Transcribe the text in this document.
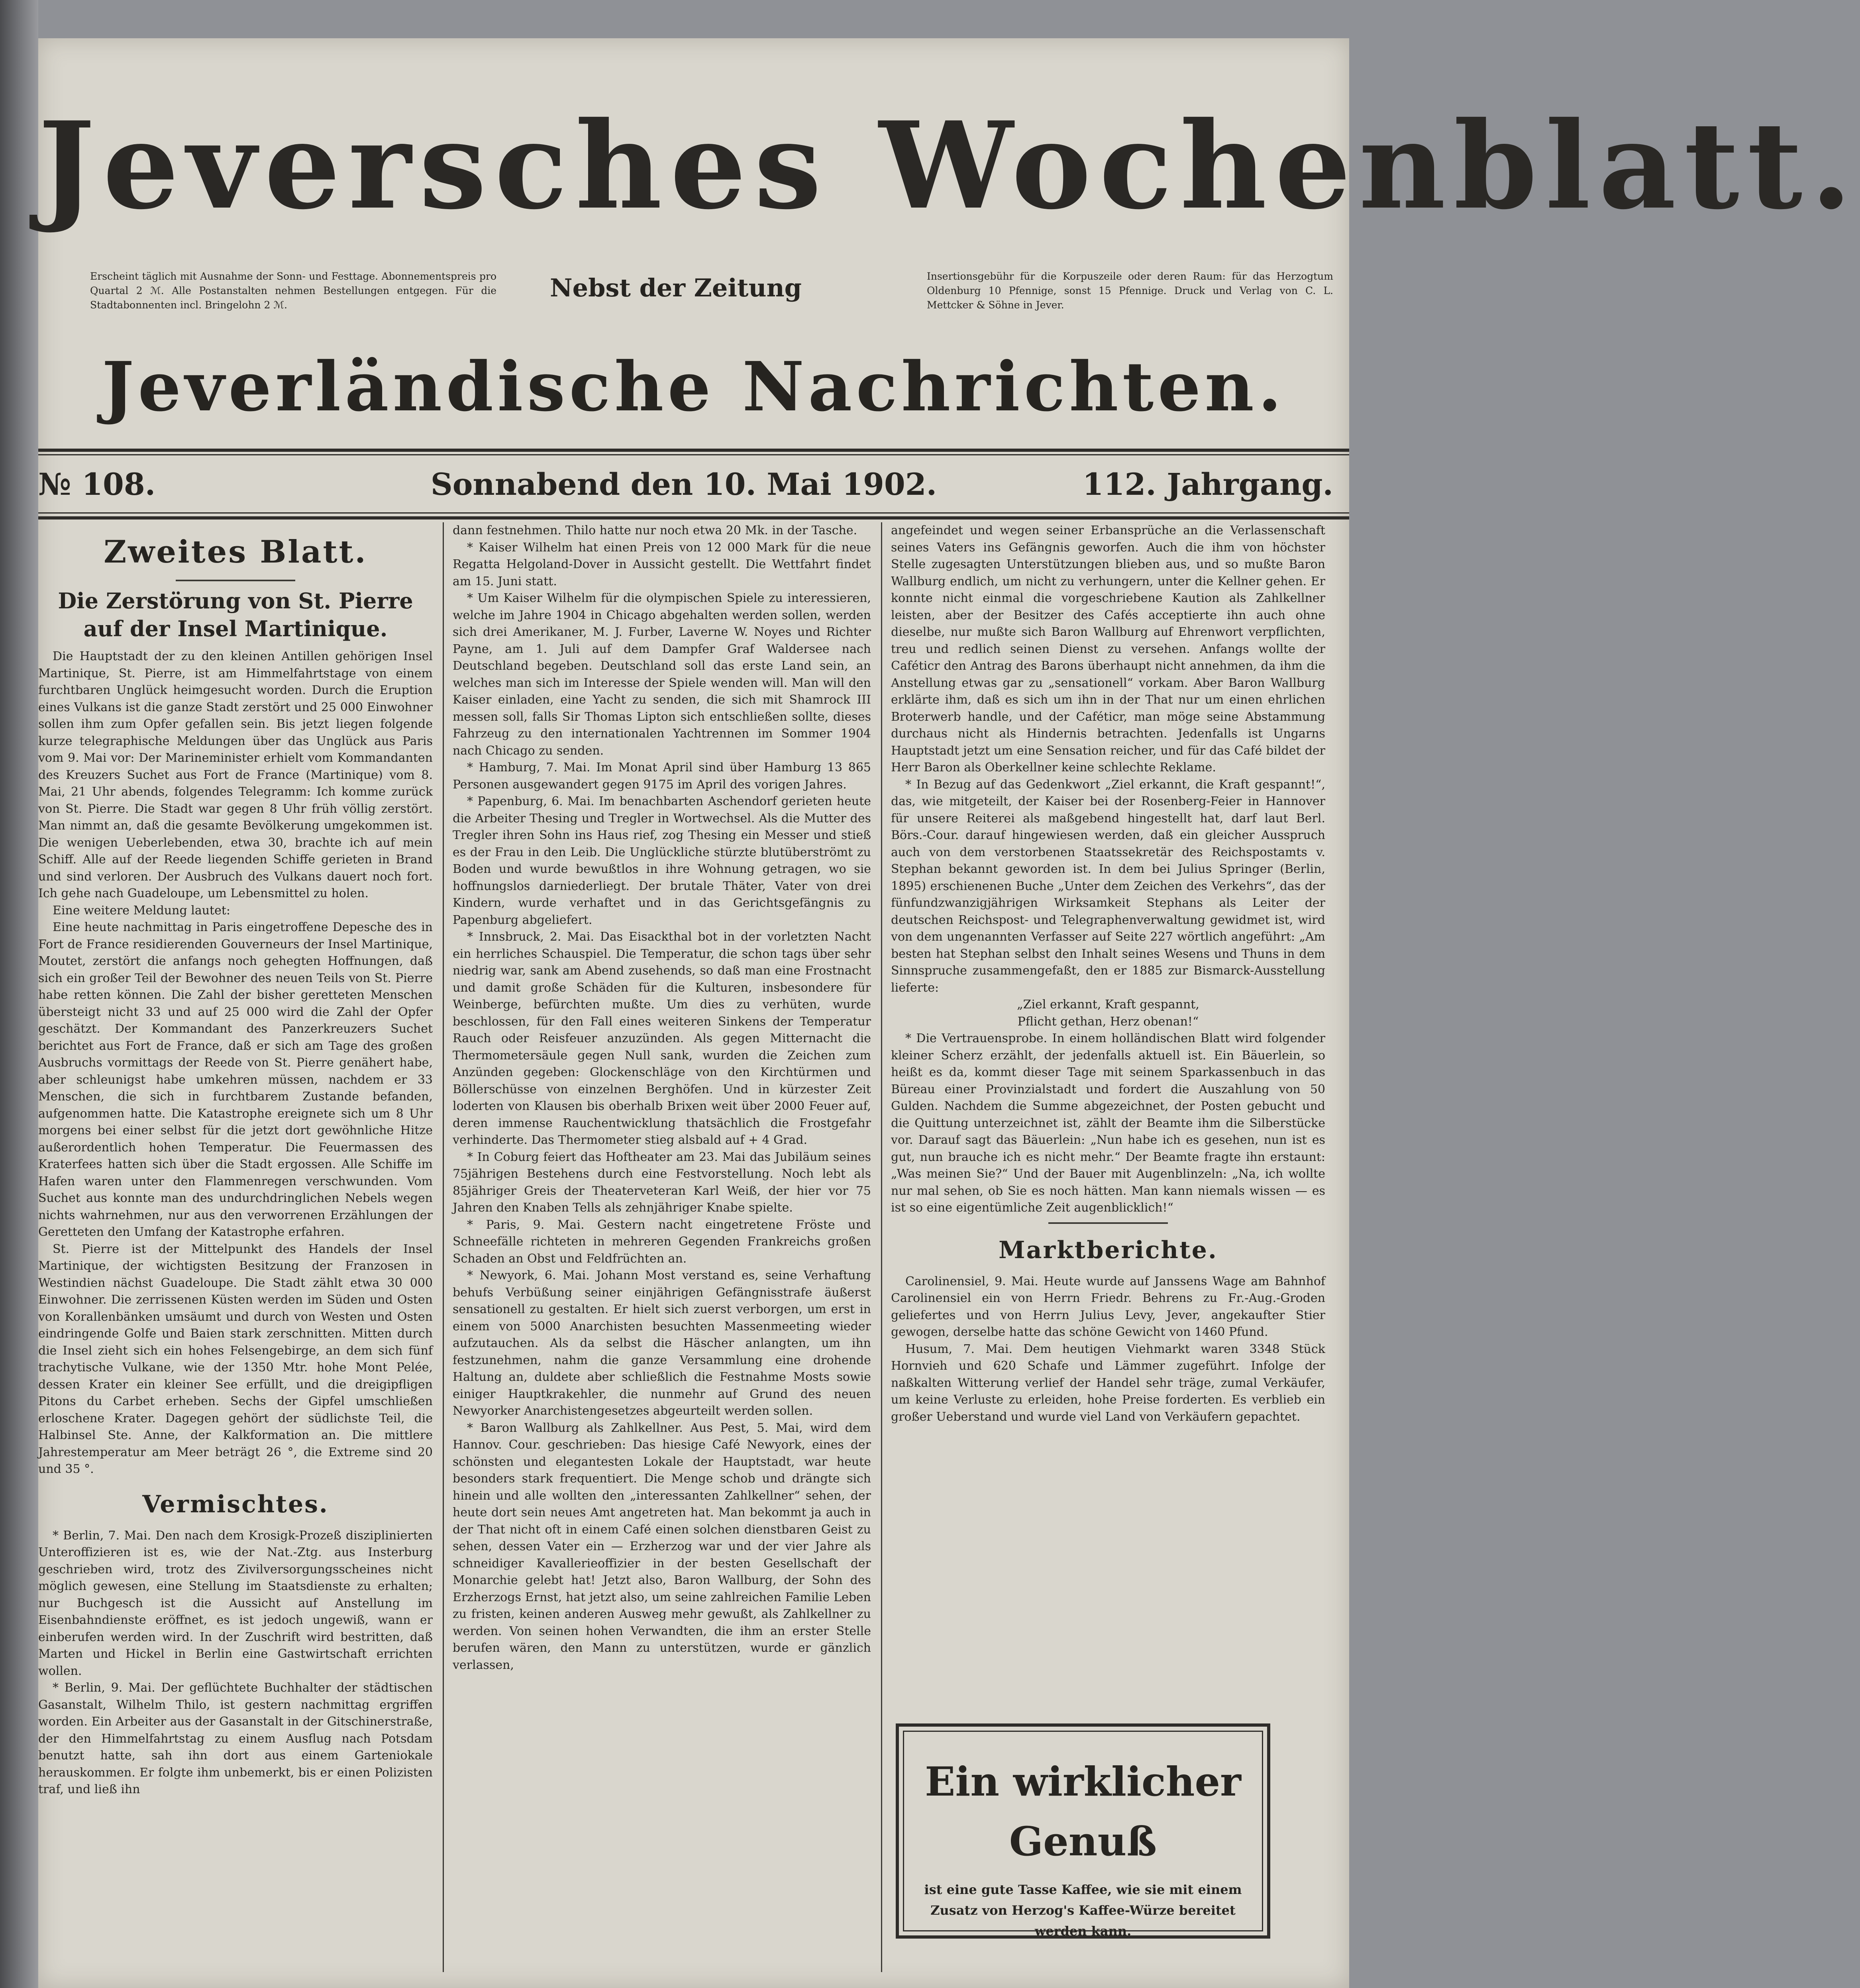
Jeversches Wochenblatt.
Erscheint täglich mit Ausnahme der Sonn- und Festtage. Abonnementspreis pro Quartal 2 ℳ. Alle Postanstalten nehmen Bestellungen entgegen. Für die Stadtabonnenten incl. Bringelohn 2 ℳ.
Nebst der Zeitung	Insertionsgebühr für die Korpuszeile oder deren Raum: für das Herzogtum Oldenburg 10 Pfennige, sonst 15 Pfennige. Druck und Verlag von C. L. Mettcker & Söhne in Jever.
Jeverländische Nachrichten.
№ 108.	Sonnabend den 10. Mai 1902.	112. Jahrgang.
Zweites Blatt.
Die Zerstörung von St. Pierre auf der Insel Martinique.

Die Hauptstadt der zu den kleinen Antillen gehörigen Insel Martinique, St. Pierre, ist am Himmelfahrtstage von einem furchtbaren Unglück heimgesucht worden. Durch die Eruption eines Vulkans ist die ganze Stadt zerstört und 25 000 Einwohner sollen ihm zum Opfer gefallen sein. Bis jetzt liegen folgende kurze telegraphische Meldungen über das Unglück aus Paris vom 9. Mai vor: Der Marineminister erhielt vom Kommandanten des Kreuzers Suchet aus Fort de France (Martinique) vom 8. Mai, 21 Uhr abends, folgendes Telegramm: Ich komme zurück von St. Pierre. Die Stadt war gegen 8 Uhr früh völlig zerstört. Man nimmt an, daß die gesamte Bevölkerung umgekommen ist. Die wenigen Ueberlebenden, etwa 30, brachte ich auf mein Schiff. Alle auf der Reede liegenden Schiffe gerieten in Brand und sind verloren. Der Ausbruch des Vulkans dauert noch fort. Ich gehe nach Guadeloupe, um Lebensmittel zu holen.

Eine weitere Meldung lautet:

Eine heute nachmittag in Paris eingetroffene Depesche des in Fort de France residierenden Gouverneurs der Insel Martinique, Moutet, zerstört die anfangs noch gehegten Hoffnungen, daß sich ein großer Teil der Bewohner des neuen Teils von St. Pierre habe retten können. Die Zahl der bisher geretteten Menschen übersteigt nicht 33 und auf 25 000 wird die Zahl der Opfer geschätzt. Der Kommandant des Panzerkreuzers Suchet berichtet aus Fort de France, daß er sich am Tage des großen Ausbruchs vormittags der Reede von St. Pierre genähert habe, aber schleunigst habe umkehren müssen, nachdem er 33 Menschen, die sich in furchtbarem Zustande befanden, aufgenommen hatte. Die Katastrophe ereignete sich um 8 Uhr morgens bei einer selbst für die jetzt dort gewöhnliche Hitze außerordentlich hohen Temperatur. Die Feuermassen des Kraterfees hatten sich über die Stadt ergossen. Alle Schiffe im Hafen waren unter den Flammenregen verschwunden. Vom Suchet aus konnte man des undurchdringlichen Nebels wegen nichts wahrnehmen, nur aus den verworrenen Erzählungen der Geretteten den Umfang der Katastrophe erfahren.

St. Pierre ist der Mittelpunkt des Handels der Insel Martinique, der wichtigsten Besitzung der Franzosen in Westindien nächst Guadeloupe. Die Stadt zählt etwa 30 000 Einwohner. Die zerrissenen Küsten werden im Süden und Osten von Korallenbänken umsäumt und durch von Westen und Osten eindringende Golfe und Baien stark zerschnitten. Mitten durch die Insel zieht sich ein hohes Felsengebirge, an dem sich fünf trachytische Vulkane, wie der 1350 Mtr. hohe Mont Pelée, dessen Krater ein kleiner See erfüllt, und die dreigipfligen Pitons du Carbet erheben. Sechs der Gipfel umschließen erloschene Krater. Dagegen gehört der südlichste Teil, die Halbinsel Ste. Anne, der Kalkformation an. Die mittlere Jahrestemperatur am Meer beträgt 26 °, die Extreme sind 20 und 35 °.

Vermischtes.

* Berlin, 7. Mai. Den nach dem Krosigk-Prozeß disziplinierten Unteroffizieren ist es, wie der Nat.-Ztg. aus Insterburg geschrieben wird, trotz des Zivilversorgungsscheines nicht möglich gewesen, eine Stellung im Staatsdienste zu erhalten; nur Buchgesch ist die Aussicht auf Anstellung im Eisenbahndienste eröffnet, es ist jedoch ungewiß, wann er einberufen werden wird. In der Zuschrift wird bestritten, daß Marten und Hickel in Berlin eine Gastwirtschaft errichten wollen.

* Berlin, 9. Mai. Der geflüchtete Buchhalter der städtischen Gasanstalt, Wilhelm Thilo, ist gestern nachmittag ergriffen worden. Ein Arbeiter aus der Gasanstalt in der Gitschinerstraße, der den Himmelfahrtstag zu einem Ausflug nach Potsdam benutzt hatte, sah ihn dort aus einem Garteniokale herauskommen. Er folgte ihm unbemerkt, bis er einen Polizisten traf, und ließ ihn

dann festnehmen. Thilo hatte nur noch etwa 20 Mk. in der Tasche.

* Kaiser Wilhelm hat einen Preis von 12 000 Mark für die neue Regatta Helgoland-Dover in Aussicht gestellt. Die Wettfahrt findet am 15. Juni statt.

* Um Kaiser Wilhelm für die olympischen Spiele zu interessieren, welche im Jahre 1904 in Chicago abgehalten werden sollen, werden sich drei Amerikaner, M. J. Furber, Laverne W. Noyes und Richter Payne, am 1. Juli auf dem Dampfer Graf Waldersee nach Deutschland begeben. Deutschland soll das erste Land sein, an welches man sich im Interesse der Spiele wenden will. Man will den Kaiser einladen, eine Yacht zu senden, die sich mit Shamrock III messen soll, falls Sir Thomas Lipton sich entschließen sollte, dieses Fahrzeug zu den internationalen Yachtrennen im Sommer 1904 nach Chicago zu senden.

* Hamburg, 7. Mai. Im Monat April sind über Hamburg 13 865 Personen ausgewandert gegen 9175 im April des vorigen Jahres.

* Papenburg, 6. Mai. Im benachbarten Aschendorf gerieten heute die Arbeiter Thesing und Tregler in Wortwechsel. Als die Mutter des Tregler ihren Sohn ins Haus rief, zog Thesing ein Messer und stieß es der Frau in den Leib. Die Unglückliche stürzte blutüberströmt zu Boden und wurde bewußtlos in ihre Wohnung getragen, wo sie hoffnungslos darniederliegt. Der brutale Thäter, Vater von drei Kindern, wurde verhaftet und in das Gerichtsgefängnis zu Papenburg abgeliefert.

* Innsbruck, 2. Mai. Das Eisackthal bot in der vorletzten Nacht ein herrliches Schauspiel. Die Temperatur, die schon tags über sehr niedrig war, sank am Abend zusehends, so daß man eine Frostnacht und damit große Schäden für die Kulturen, insbesondere für Weinberge, befürchten mußte. Um dies zu verhüten, wurde beschlossen, für den Fall eines weiteren Sinkens der Temperatur Rauch oder Reisfeuer anzuzünden. Als gegen Mitternacht die Thermometersäule gegen Null sank, wurden die Zeichen zum Anzünden gegeben: Glockenschläge von den Kirchtürmen und Böllerschüsse von einzelnen Berghöfen. Und in kürzester Zeit loderten von Klausen bis oberhalb Brixen weit über 2000 Feuer auf, deren immense Rauchentwicklung thatsächlich die Frostgefahr verhinderte. Das Thermometer stieg alsbald auf + 4 Grad.

* In Coburg feiert das Hoftheater am 23. Mai das Jubiläum seines 75jährigen Bestehens durch eine Festvorstellung. Noch lebt als 85jähriger Greis der Theaterveteran Karl Weiß, der hier vor 75 Jahren den Knaben Tells als zehnjähriger Knabe spielte.

* Paris, 9. Mai. Gestern nacht eingetretene Fröste und Schneefälle richteten in mehreren Gegenden Frankreichs großen Schaden an Obst und Feldfrüchten an.

* Newyork, 6. Mai. Johann Most verstand es, seine Verhaftung behufs Verbüßung seiner einjährigen Gefängnisstrafe äußerst sensationell zu gestalten. Er hielt sich zuerst verborgen, um erst in einem von 5000 Anarchisten besuchten Massenmeeting wieder aufzutauchen. Als da selbst die Häscher anlangten, um ihn festzunehmen, nahm die ganze Versammlung eine drohende Haltung an, duldete aber schließlich die Festnahme Mosts sowie einiger Hauptkrakehler, die nunmehr auf Grund des neuen Newyorker Anarchistengesetzes abgeurteilt werden sollen.

* Baron Wallburg als Zahlkellner. Aus Pest, 5. Mai, wird dem Hannov. Cour. geschrieben: Das hiesige Café Newyork, eines der schönsten und elegantesten Lokale der Hauptstadt, war heute besonders stark frequentiert. Die Menge schob und drängte sich hinein und alle wollten den „interessanten Zahlkellner“ sehen, der heute dort sein neues Amt angetreten hat. Man bekommt ja auch in der That nicht oft in einem Café einen solchen dienstbaren Geist zu sehen, dessen Vater ein — Erzherzog war und der vier Jahre als schneidiger Kavallerieoffizier in der besten Gesellschaft der Monarchie gelebt hat! Jetzt also, Baron Wallburg, der Sohn des Erzherzogs Ernst, hat jetzt also, um seine zahlreichen Familie Leben zu fristen, keinen anderen Ausweg mehr gewußt, als Zahlkellner zu werden. Von seinen hohen Verwandten, die ihm an erster Stelle berufen wären, den Mann zu unterstützen, wurde er gänzlich verlassen,

angefeindet und wegen seiner Erbansprüche an die Verlassenschaft seines Vaters ins Gefängnis geworfen. Auch die ihm von höchster Stelle zugesagten Unterstützungen blieben aus, und so mußte Baron Wallburg endlich, um nicht zu verhungern, unter die Kellner gehen. Er konnte nicht einmal die vorgeschriebene Kaution als Zahlkellner leisten, aber der Besitzer des Cafés acceptierte ihn auch ohne dieselbe, nur mußte sich Baron Wallburg auf Ehrenwort verpflichten, treu und redlich seinen Dienst zu versehen. Anfangs wollte der Caféticr den Antrag des Barons überhaupt nicht annehmen, da ihm die Anstellung etwas gar zu „sensationell“ vorkam. Aber Baron Wallburg erklärte ihm, daß es sich um ihn in der That nur um einen ehrlichen Broterwerb handle, und der Caféticr, man möge seine Abstammung durchaus nicht als Hindernis betrachten. Jedenfalls ist Ungarns Hauptstadt jetzt um eine Sensation reicher, und für das Café bildet der Herr Baron als Oberkellner keine schlechte Reklame.

* In Bezug auf das Gedenkwort „Ziel erkannt, die Kraft gespannt!“, das, wie mitgeteilt, der Kaiser bei der Rosenberg-Feier in Hannover für unsere Reiterei als maßgebend hingestellt hat, darf laut Berl. Börs.-Cour. darauf hingewiesen werden, daß ein gleicher Ausspruch auch von dem verstorbenen Staatssekretär des Reichspostamts v. Stephan bekannt geworden ist. In dem bei Julius Springer (Berlin, 1895) erschienenen Buche „Unter dem Zeichen des Verkehrs“, das der fünfundzwanzigjährigen Wirksamkeit Stephans als Leiter der deutschen Reichspost- und Telegraphenverwaltung gewidmet ist, wird von dem ungenannten Verfasser auf Seite 227 wörtlich angeführt: „Am besten hat Stephan selbst den Inhalt seines Wesens und Thuns in dem Sinnspruche zusammengefaßt, den er 1885 zur Bismarck-Ausstellung lieferte:

„Ziel erkannt, Kraft gespannt,
Pflicht gethan, Herz obenan!“

* Die Vertrauensprobe. In einem holländischen Blatt wird folgender kleiner Scherz erzählt, der jedenfalls aktuell ist. Ein Bäuerlein, so heißt es da, kommt dieser Tage mit seinem Sparkassenbuch in das Büreau einer Provinzialstadt und fordert die Auszahlung von 50 Gulden. Nachdem die Summe abgezeichnet, der Posten gebucht und die Quittung unterzeichnet ist, zählt der Beamte ihm die Silberstücke vor. Darauf sagt das Bäuerlein: „Nun habe ich es gesehen, nun ist es gut, nun brauche ich es nicht mehr.“ Der Beamte fragte ihn erstaunt: „Was meinen Sie?“ Und der Bauer mit Augenblinzeln: „Na, ich wollte nur mal sehen, ob Sie es noch hätten. Man kann niemals wissen — es ist so eine eigentümliche Zeit augenblicklich!“

Marktberichte.

Carolinensiel, 9. Mai. Heute wurde auf Janssens Wage am Bahnhof Carolinensiel ein von Herrn Friedr. Behrens zu Fr.-Aug.-Groden geliefertes und von Herrn Julius Levy, Jever, angekaufter Stier gewogen, derselbe hatte das schöne Gewicht von 1460 Pfund.

Husum, 7. Mai. Dem heutigen Viehmarkt waren 3348 Stück Hornvieh und 620 Schafe und Lämmer zugeführt. Infolge der naßkalten Witterung verlief der Handel sehr träge, zumal Verkäufer, um keine Verluste zu erleiden, hohe Preise forderten. Es verblieb ein großer Ueberstand und wurde viel Land von Verkäufern gepachtet.

Ein wirklicher Genuß
ist eine gute Tasse Kaffee, wie sie mit einem Zusatz von Herzog's Kaffee-Würze bereitet werden kann.
